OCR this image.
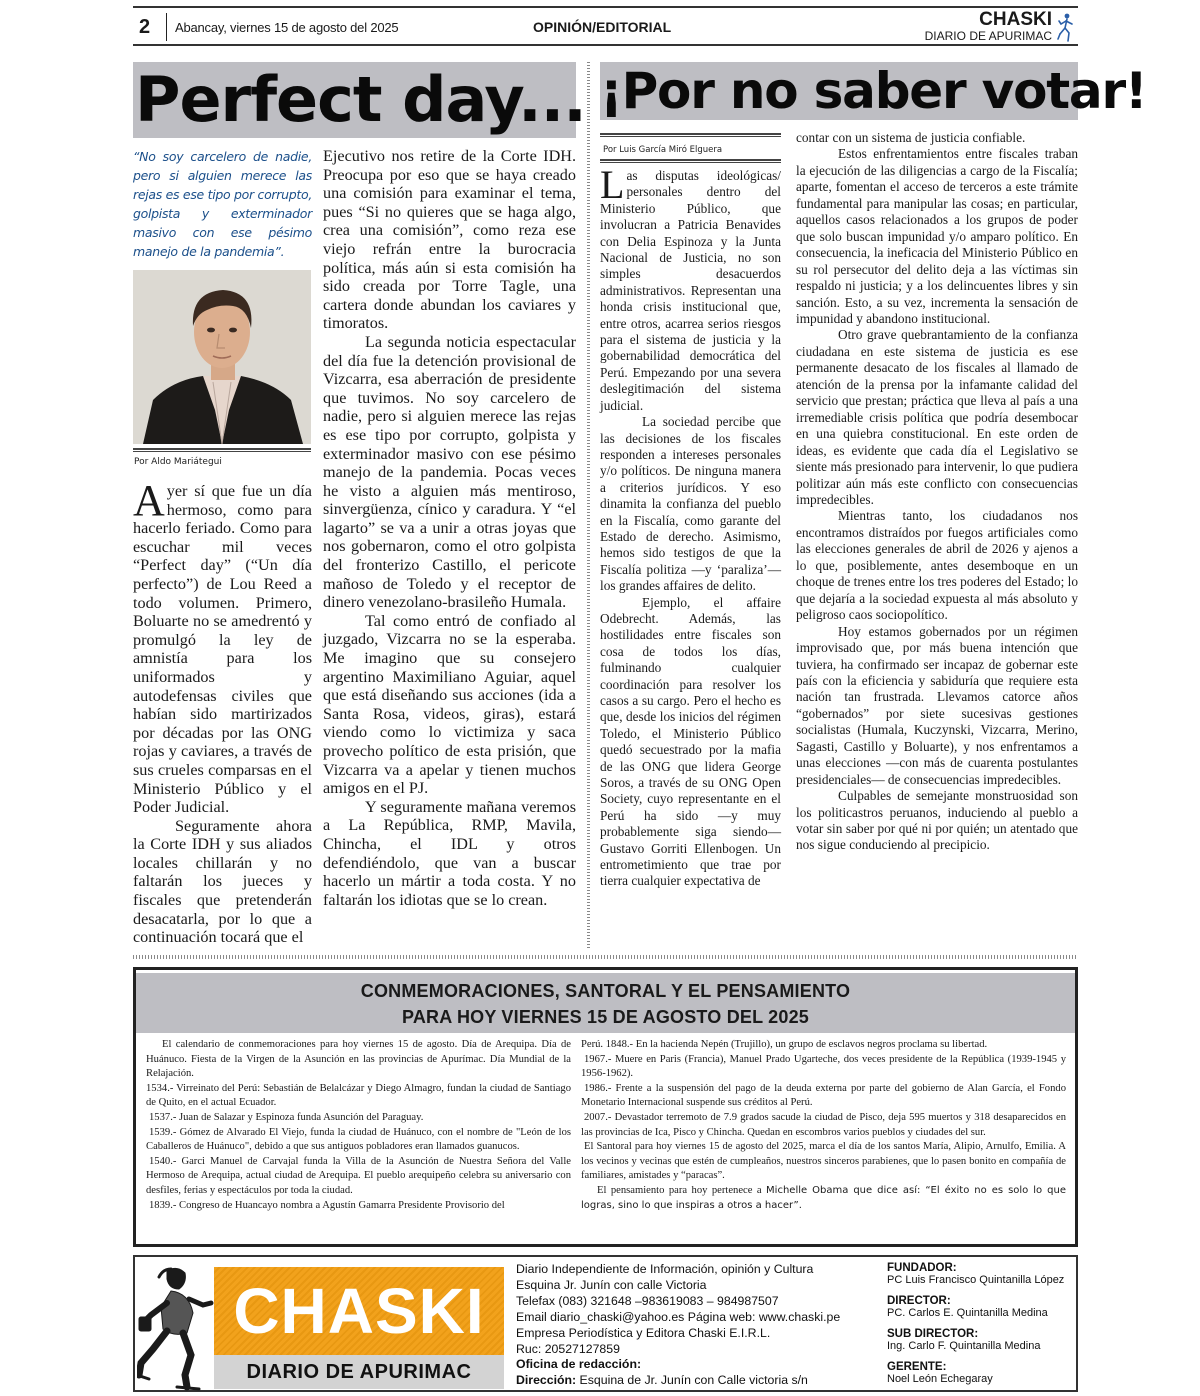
2 Abancay, viernes 15 de agosto del 2025	OPINIÓN/EDITORIAL	CHASKI
DIARIO DE APURIMAC
Perfect day... ¡Por no saber votar!
“No soy carcelero de nadie, pero si alguien merece las rejas es ese tipo por corrupto, golpista y exterminador masivo con ese pésimo manejo de la pandemia”.
Por Aldo Mariátegui

Ayer sí que fue un día hermoso, como para hacerlo feriado. Como para escuchar mil veces “Perfect day” (“Un día perfecto”) de Lou Reed a todo volumen. Primero, Boluarte no se amedrentó y promulgó la ley de amnistía para los uniformados y autodefensas civiles que habían sido martirizados por décadas por las ONG rojas y caviares, a través de sus crueles comparsas en el Ministerio Público y el Poder Judicial.

Seguramente ahora la Corte IDH y sus aliados locales chillarán y no faltarán los jueces y fiscales que pretenderán desacatarla, por lo que a continuación tocará que el

Ejecutivo nos retire de la Corte IDH. Preocupa por eso que se haya creado una comisión para examinar el tema, pues “Si no quieres que se haga algo, crea una comisión”, como reza ese viejo refrán entre la burocracia política, más aún si esta comisión ha sido creada por Torre Tagle, una cartera donde abundan los caviares y timoratos.

La segunda noticia espectacular del día fue la detención provisional de Vizcarra, esa aberración de presidente que tuvimos. No soy carcelero de nadie, pero si alguien merece las rejas es ese tipo por corrupto, golpista y exterminador masivo con ese pésimo manejo de la pandemia. Pocas veces he visto a alguien más mentiroso, sinvergüenza, cínico y caradura. Y “el lagarto” se va a unir a otras joyas que nos gobernaron, como el otro golpista del fronterizo Castillo, el pericote mañoso de Toledo y el receptor de dinero venezolano-brasileño Humala.

Tal como entró de confiado al juzgado, Vizcarra no se la esperaba. Me imagino que su consejero argentino Maximiliano Aguiar, aquel que está diseñando sus acciones (ida a Santa Rosa, videos, giras), estará viendo como lo victimiza y saca provecho político de esta prisión, que Vizcarra va a apelar y tienen muchos amigos en el PJ.

Y seguramente mañana veremos a La República, RMP, Mavila, Chincha, el IDL y otros defendiéndolo, que van a buscar hacerlo un mártir a toda costa. Y no faltarán los idiotas que se lo crean.

Por Luis García Miró Elguera

Las disputas ideológicas/ personales dentro del Ministerio Público, que involucran a Patricia Benavides con Delia Espinoza y la Junta Nacional de Justicia, no son simples desacuerdos administrativos. Representan una honda crisis institucional que, entre otros, acarrea serios riesgos para el sistema de justicia y la gobernabilidad democrática del Perú. Empezando por una severa deslegitimación del sistema judicial.

La sociedad percibe que las decisiones de los fiscales responden a intereses personales y/o políticos. De ninguna manera a criterios jurídicos. Y eso dinamita la confianza del pueblo en la Fiscalía, como garante del Estado de derecho. Asimismo, hemos sido testigos de que la Fiscalía politiza —y ‘paraliza’— los grandes affaires de delito.

Ejemplo, el affaire Odebrecht. Además, las hostilidades entre fiscales son cosa de todos los días, fulminando cualquier coordinación para resolver los casos a su cargo. Pero el hecho es que, desde los inicios del régimen Toledo, el Ministerio Público quedó secuestrado por la mafia de las ONG que lidera George Soros, a través de su ONG Open Society, cuyo representante en el Perú ha sido —y muy probablemente siga siendo— Gustavo Gorriti Ellenbogen. Un entrometimiento que trae por tierra cualquier expectativa de

contar con un sistema de justicia confiable.

Estos enfrentamientos entre fiscales traban la ejecución de las diligencias a cargo de la Fiscalía; aparte, fomentan el acceso de terceros a este trámite fundamental para manipular las cosas; en particular, aquellos casos relacionados a los grupos de poder que solo buscan impunidad y/o amparo político. En consecuencia, la ineficacia del Ministerio Público en su rol persecutor del delito deja a las víctimas sin respaldo ni justicia; y a los delincuentes libres y sin sanción. Esto, a su vez, incrementa la sensación de impunidad y abandono institucional.

Otro grave quebrantamiento de la confianza ciudadana en este sistema de justicia es ese permanente desacato de los fiscales al llamado de atención de la prensa por la infamante calidad del servicio que prestan; práctica que lleva al país a una irremediable crisis política que podría desembocar en una quiebra constitucional. En este orden de ideas, es evidente que cada día el Legislativo se siente más presionado para intervenir, lo que pudiera politizar aún más este conflicto con consecuencias impredecibles.

Mientras tanto, los ciudadanos nos encontramos distraídos por fuegos artificiales como las elecciones generales de abril de 2026 y ajenos a lo que, posiblemente, antes desemboque en un choque de trenes entre los tres poderes del Estado; lo que dejaría a la sociedad expuesta al más absoluto y peligroso caos sociopolítico.

Hoy estamos gobernados por un régimen improvisado que, por más buena intención que tuviera, ha confirmado ser incapaz de gobernar este país con la eficiencia y sabiduría que requiere esta nación tan frustrada. Llevamos catorce años “gobernados” por siete sucesivas gestiones socialistas (Humala, Kuczynski, Vizcarra, Merino, Sagasti, Castillo y Boluarte), y nos enfrentamos a unas elecciones —con más de cuarenta postulantes presidenciales— de consecuencias impredecibles.

Culpables de semejante monstruosidad son los politicastros peruanos, induciendo al pueblo a votar sin saber por qué ni por quién; un atentado que nos sigue conduciendo al precipicio.

CONMEMORACIONES, SANTORAL Y EL PENSAMIENTO
PARA HOY VIERNES 15 DE AGOSTO DEL 2025

El calendario de conmemoraciones para hoy viernes 15 de agosto. Día de Arequipa. Día de Huánuco. Fiesta de la Virgen de la Asunción en las provincias de Apurímac. Día Mundial de la Relajación.

1534.- Virreinato del Perú: Sebastián de Belalcázar y Diego Almagro, fundan la ciudad de Santiago de Quito, en el actual Ecuador.

1537.- Juan de Salazar y Espinoza funda Asunción del Paraguay.

1539.- Gómez de Alvarado El Viejo, funda la ciudad de Huánuco, con el nombre de "León de los Caballeros de Huánuco", debido a que sus antiguos pobladores eran llamados guanucos.

1540.- Garci Manuel de Carvajal funda la Villa de la Asunción de Nuestra Señora del Valle Hermoso de Arequipa, actual ciudad de Arequipa. El pueblo arequipeño celebra su aniversario con desfiles, ferias y espectáculos por toda la ciudad.

1839.- Congreso de Huancayo nombra a Agustín Gamarra Presidente Provisorio del

Perú. 1848.- En la hacienda Nepén (Trujillo), un grupo de esclavos negros proclama su libertad.

1967.- Muere en Paris (Francia), Manuel Prado Ugarteche, dos veces presidente de la República (1939-1945 y 1956-1962).

1986.- Frente a la suspensión del pago de la deuda externa por parte del gobierno de Alan García, el Fondo Monetario Internacional suspende sus créditos al Perú.

2007.- Devastador terremoto de 7.9 grados sacude la ciudad de Pisco, deja 595 muertos y 318 desaparecidos en las provincias de Ica, Pisco y Chincha. Quedan en escombros varios pueblos y ciudades del sur.

El Santoral para hoy viernes 15 de agosto del 2025, marca el día de los santos María, Alipio, Arnulfo, Emilia. A los vecinos y vecinas que estén de cumpleaños, nuestros sinceros parabienes, que lo pasen bonito en compañía de familiares, amistades y “paracas”.

El pensamiento para hoy pertenece a Michelle Obama que dice así: “El éxito no es solo lo que logras, sino lo que inspiras a otros a hacer”.

CHASKI
DIARIO DE APURIMAC
Diario Independiente de Información, opinión y Cultura
Esquina Jr. Junín con calle Victoria
Telefax (083) 321648 –983619083 – 984987507
Email diario_chaski@yahoo.es Página web: www.chaski.pe
Empresa Periodística y Editora Chaski E.I.R.L.
Ruc: 20527127859
Oficina de redacción:
Dirección: Esquina de Jr. Junín con Calle victoria s/n
FUNDADOR:
PC Luis Francisco Quintanilla López
DIRECTOR:
PC. Carlos E. Quintanilla Medina
SUB DIRECTOR:
Ing. Carlo F. Quintanilla Medina
GERENTE:
Noel León Echegaray
